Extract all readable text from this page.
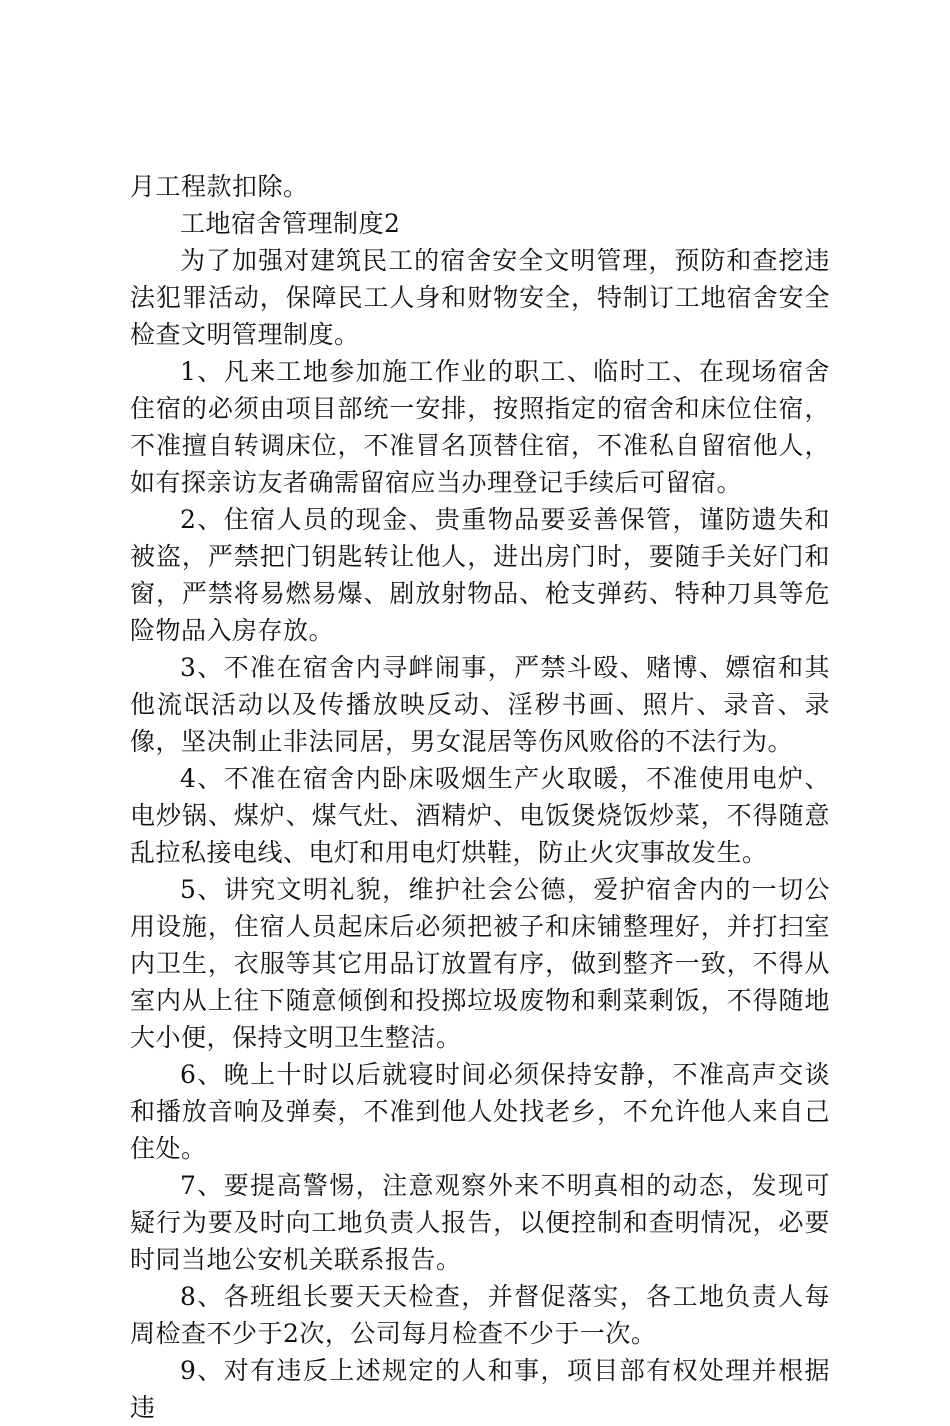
月工程款扣除。

工地宿舍管理制度2

为了加强对建筑民工的宿舍安全文明管理，预防和查挖违法犯罪活动，保障民工人身和财物安全，特制订工地宿舍安全检查文明管理制度。

1、凡来工地参加施工作业的职工、临时工、在现场宿舍住宿的必须由项目部统一安排，按照指定的宿舍和床位住宿，不准擅自转调床位，不准冒名顶替住宿，不准私自留宿他人，如有探亲访友者确需留宿应当办理登记手续后可留宿。

2、住宿人员的现金、贵重物品要妥善保管，谨防遗失和被盗，严禁把门钥匙转让他人，进出房门时，要随手关好门和窗，严禁将易燃易爆、剧放射物品、枪支弹药、特种刀具等危险物品入房存放。

3、不准在宿舍内寻衅闹事，严禁斗殴、赌博、嫖宿和其他流氓活动以及传播放映反动、淫秽书画、照片、录音、录像，坚决制止非法同居，男女混居等伤风败俗的不法行为。

4、不准在宿舍内卧床吸烟生产火取暖，不准使用电炉、电炒锅、煤炉、煤气灶、酒精炉、电饭煲烧饭炒菜，不得随意乱拉私接电线、电灯和用电灯烘鞋，防止火灾事故发生。

5、讲究文明礼貌，维护社会公德，爱护宿舍内的一切公用设施，住宿人员起床后必须把被子和床铺整理好，并打扫室内卫生，衣服等其它用品订放置有序，做到整齐一致，不得从室内从上往下随意倾倒和投掷垃圾废物和剩菜剩饭，不得随地大小便，保持文明卫生整洁。

6、晚上十时以后就寝时间必须保持安静，不准高声交谈和播放音响及弹奏，不准到他人处找老乡，不允许他人来自己住处。

7、要提高警惕，注意观察外来不明真相的动态，发现可疑行为要及时向工地负责人报告，以便控制和查明情况，必要时同当地公安机关联系报告。

8、各班组长要天天检查，并督促落实，各工地负责人每周检查不少于2次，公司每月检查不少于一次。

9、对有违反上述规定的人和事，项目部有权处理并根据违
